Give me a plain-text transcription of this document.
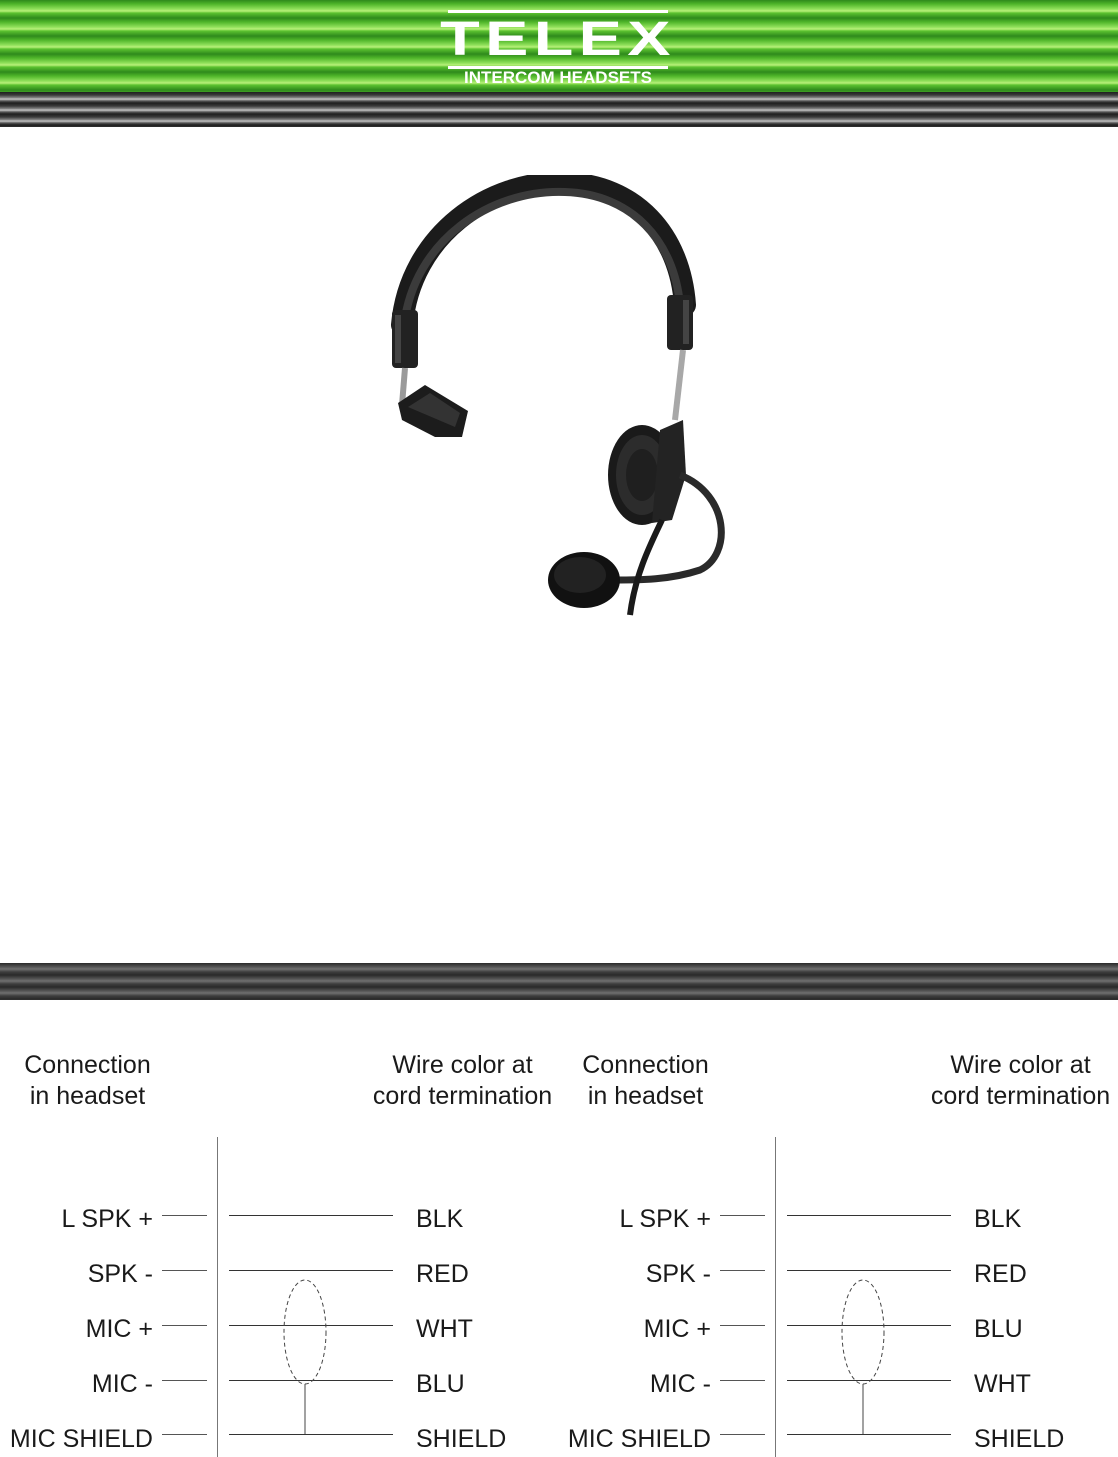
TELEX
INTERCOM HEADSETS
Connection
in headset
Wire color at
cord termination
L SPK +	BLK
SPK -	RED
MIC +	WHT
MIC -	BLU
MIC SHIELD	SHIELD
Connection
in headset
Wire color at
cord termination
L SPK +	BLK
SPK -	RED
MIC +	BLU
MIC -	WHT
MIC SHIELD	SHIELD
